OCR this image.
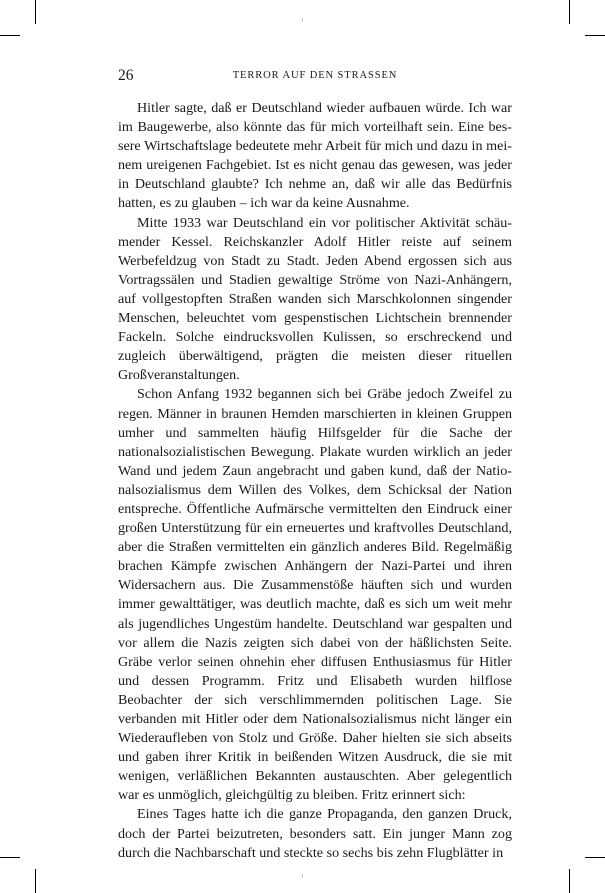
26	TERROR AUF DEN STRASSEN

Hitler sagte, daß er Deutschland wieder aufbauen würde. Ich war im Baugewerbe, also könnte das für mich vorteilhaft sein. Eine bessere Wirtschaftslage bedeutete mehr Arbeit für mich und dazu in meinem ureigenen Fachgebiet. Ist es nicht genau das gewesen, was jeder in Deutschland glaubte? Ich nehme an, daß wir alle das Bedürfnis hatten, es zu glauben – ich war da keine Ausnahme.

Mitte 1933 war Deutschland ein vor politischer Aktivität schäumender Kessel. Reichskanzler Adolf Hitler reiste auf seinem Werbefeldzug von Stadt zu Stadt. Jeden Abend ergossen sich aus Vortragssälen und Stadien gewaltige Ströme von Nazi-Anhängern, auf vollgestopften Straßen wanden sich Marschkolonnen singender Menschen, beleuchtet vom gespenstischen Lichtschein brennender Fackeln. Solche eindrucksvollen Kulissen, so erschreckend und zugleich überwältigend, prägten die meisten dieser rituellen Großveranstaltungen.

Schon Anfang 1932 begannen sich bei Gräbe jedoch Zweifel zu regen. Männer in braunen Hemden marschierten in kleinen Gruppen umher und sammelten häufig Hilfsgelder für die Sache der nationalsozialistischen Bewegung. Plakate wurden wirklich an jeder Wand und jedem Zaun angebracht und gaben kund, daß der Nationalsozialismus dem Willen des Volkes, dem Schicksal der Nation entspreche. Öffentliche Aufmärsche vermittelten den Eindruck einer großen Unterstützung für ein erneuertes und kraftvolles Deutschland, aber die Straßen vermittelten ein gänzlich anderes Bild. Regelmäßig brachen Kämpfe zwischen Anhängern der Nazi-Partei und ihren Widersachern aus. Die Zusammenstöße häuften sich und wurden immer gewalttätiger, was deutlich machte, daß es sich um weit mehr als jugendliches Ungestüm handelte. Deutschland war gespalten und vor allem die Nazis zeigten sich dabei von der häßlichsten Seite. Gräbe verlor seinen ohnehin eher diffusen Enthusiasmus für Hitler und dessen Programm. Fritz und Elisabeth wurden hilflose Beobachter der sich verschlimmernden politischen Lage. Sie verbanden mit Hitler oder dem Nationalsozialismus nicht länger ein Wiederaufleben von Stolz und Größe. Daher hielten sie sich abseits und gaben ihrer Kritik in beißenden Witzen Ausdruck, die sie mit wenigen, verläßlichen Bekannten austauschten. Aber gelegentlich war es unmöglich, gleichgültig zu bleiben. Fritz erinnert sich:

Eines Tages hatte ich die ganze Propaganda, den ganzen Druck, doch der Partei beizutreten, besonders satt. Ein junger Mann zog durch die Nachbarschaft und steckte so sechs bis zehn Flugblätter in
